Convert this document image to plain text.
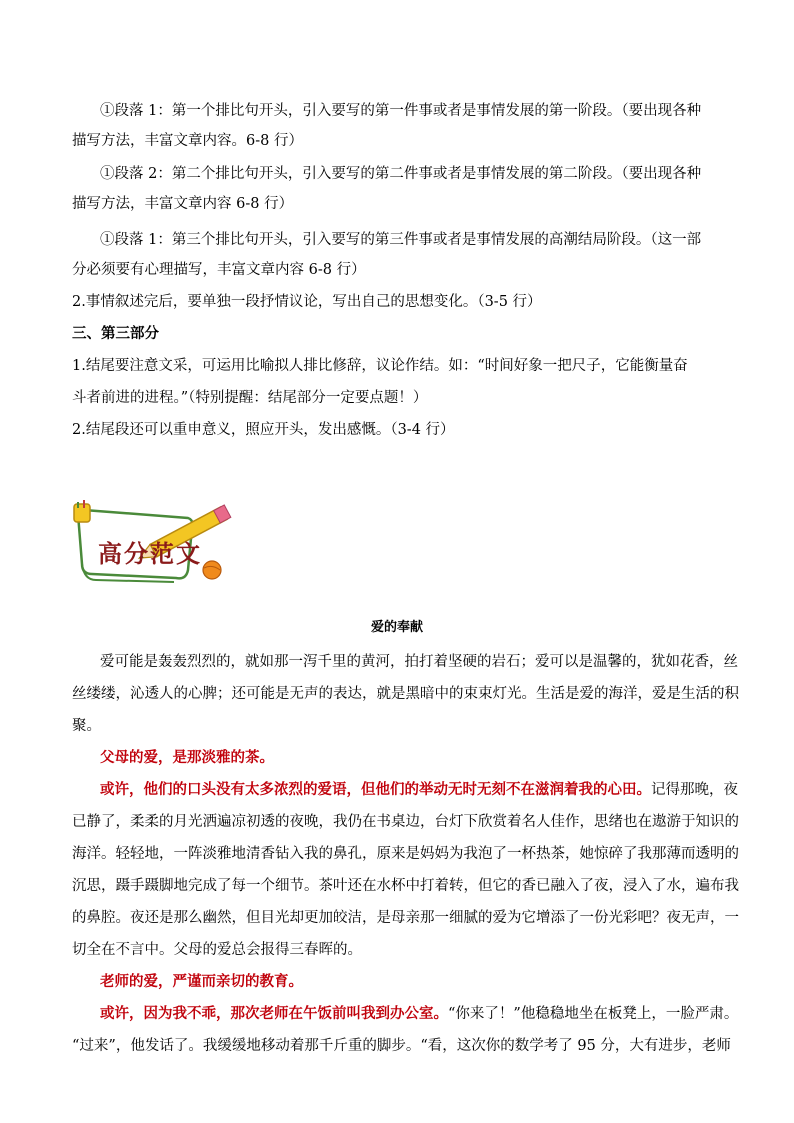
①段落 1：第一个排比句开头，引入要写的第一件事或者是事情发展的第一阶段。（要出现各种
描写方法，丰富文章内容。6-8 行）
①段落 2：第二个排比句开头，引入要写的第二件事或者是事情发展的第二阶段。（要出现各种
描写方法，丰富文章内容 6-8 行）
①段落 1：第三个排比句开头，引入要写的第三件事或者是事情发展的高潮结局阶段。（这一部
分必须要有心理描写，丰富文章内容 6-8 行）
2.事情叙述完后，要单独一段抒情议论，写出自己的思想变化。（3-5 行）
三、第三部分
1.结尾要注意文采，可运用比喻拟人排比修辞，议论作结。如：“时间好象一把尺子，它能衡量奋
斗者前进的进程。”（特别提醒：结尾部分一定要点题！）
2.结尾段还可以重申意义，照应开头，发出感慨。（3-4 行）
高分范文
爱的奉献
爱可能是轰轰烈烈的，就如那一泻千里的黄河，拍打着坚硬的岩石；爱可以是温馨的，犹如花香，丝
丝缕缕，沁透人的心脾；还可能是无声的表达，就是黑暗中的束束灯光。生活是爱的海洋，爱是生活的积
聚。
父母的爱，是那淡雅的茶。
或许，他们的口头没有太多浓烈的爱语，但他们的举动无时无刻不在滋润着我的心田。记得那晚，夜
已静了，柔柔的月光洒遍凉初透的夜晚，我仍在书桌边，台灯下欣赏着名人佳作，思绪也在遨游于知识的
海洋。轻轻地，一阵淡雅地清香钻入我的鼻孔，原来是妈妈为我泡了一杯热茶，她惊碎了我那薄而透明的
沉思，蹑手蹑脚地完成了每一个细节。茶叶还在水杯中打着转，但它的香已融入了夜，浸入了水，遍布我
的鼻腔。夜还是那么幽然，但目光却更加皎洁，是母亲那一细腻的爱为它增添了一份光彩吧？夜无声，一
切全在不言中。父母的爱总会报得三春晖的。
老师的爱，严谨而亲切的教育。
或许，因为我不乖，那次老师在午饭前叫我到办公室。“你来了！”他稳稳地坐在板凳上，一脸严肃。
“过来”，他发话了。我缓缓地移动着那千斤重的脚步。“看，这次你的数学考了 95 分，大有进步，老师
